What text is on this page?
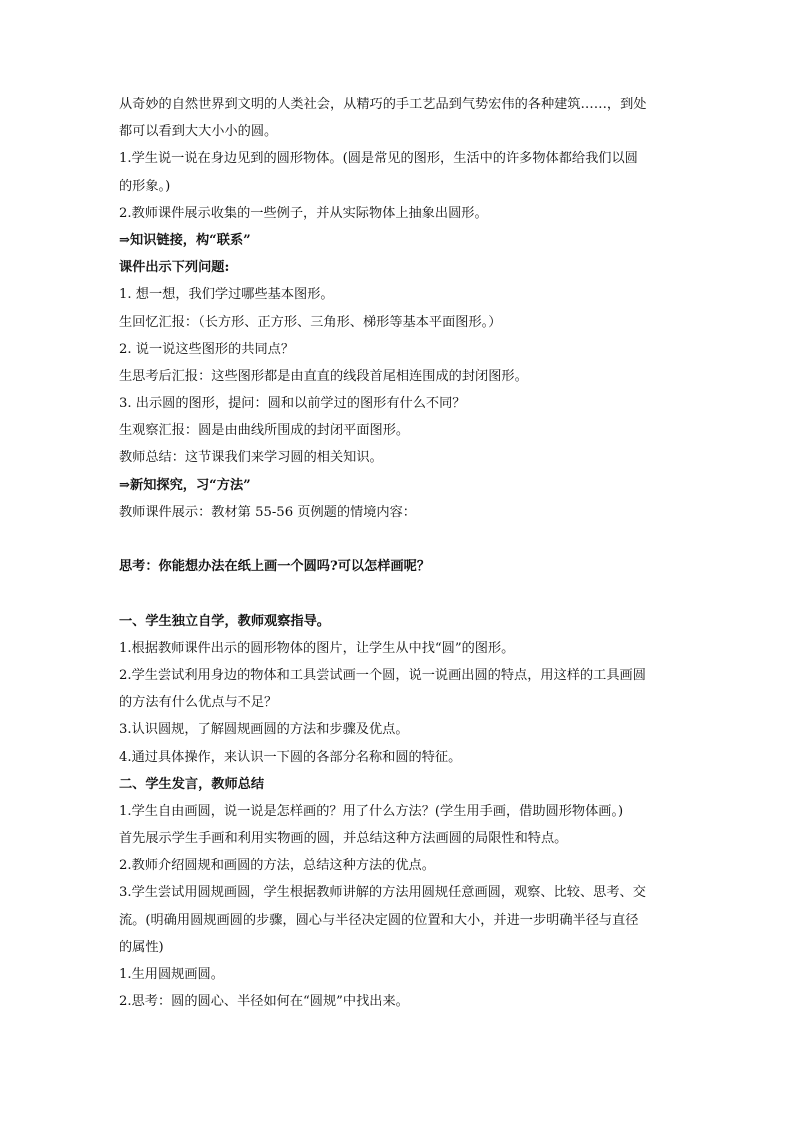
从奇妙的自然世界到文明的人类社会，从精巧的手工艺品到气势宏伟的各种建筑……，到处
都可以看到大大小小的圆。
1.学生说一说在身边见到的圆形物体。(圆是常见的图形，生活中的许多物体都给我们以圆
的形象。)
2.教师课件展示收集的一些例子，并从实际物体上抽象出圆形。
⇒知识链接，构“联系”
课件出示下列问题:
1. 想一想，我们学过哪些基本图形。
生回忆汇报：（长方形、正方形、三角形、梯形等基本平面图形。）
2. 说一说这些图形的共同点？
生思考后汇报：这些图形都是由直直的线段首尾相连围成的封闭图形。
3. 出示圆的图形，提问：圆和以前学过的图形有什么不同？
生观察汇报：圆是由曲线所围成的封闭平面图形。
教师总结：这节课我们来学习圆的相关知识。
⇒新知探究，习“方法”
教师课件展示：教材第 55-56 页例题的情境内容：
思考：你能想办法在纸上画一个圆吗?可以怎样画呢？
一、学生独立自学，教师观察指导。
1.根据教师课件出示的圆形物体的图片，让学生从中找“圆”的图形。
2.学生尝试利用身边的物体和工具尝试画一个圆，说一说画出圆的特点，用这样的工具画圆
的方法有什么优点与不足？
3.认识圆规，了解圆规画圆的方法和步骤及优点。
4.通过具体操作，来认识一下圆的各部分名称和圆的特征。
二、学生发言，教师总结
1.学生自由画圆，说一说是怎样画的？用了什么方法？(学生用手画，借助圆形物体画。)
首先展示学生手画和利用实物画的圆，并总结这种方法画圆的局限性和特点。
2.教师介绍圆规和画圆的方法，总结这种方法的优点。
3.学生尝试用圆规画圆，学生根据教师讲解的方法用圆规任意画圆，观察、比较、思考、交
流。(明确用圆规画圆的步骤，圆心与半径决定圆的位置和大小，并进一步明确半径与直径
的属性)
1.生用圆规画圆。
2.思考：圆的圆心、半径如何在“圆规”中找出来。
